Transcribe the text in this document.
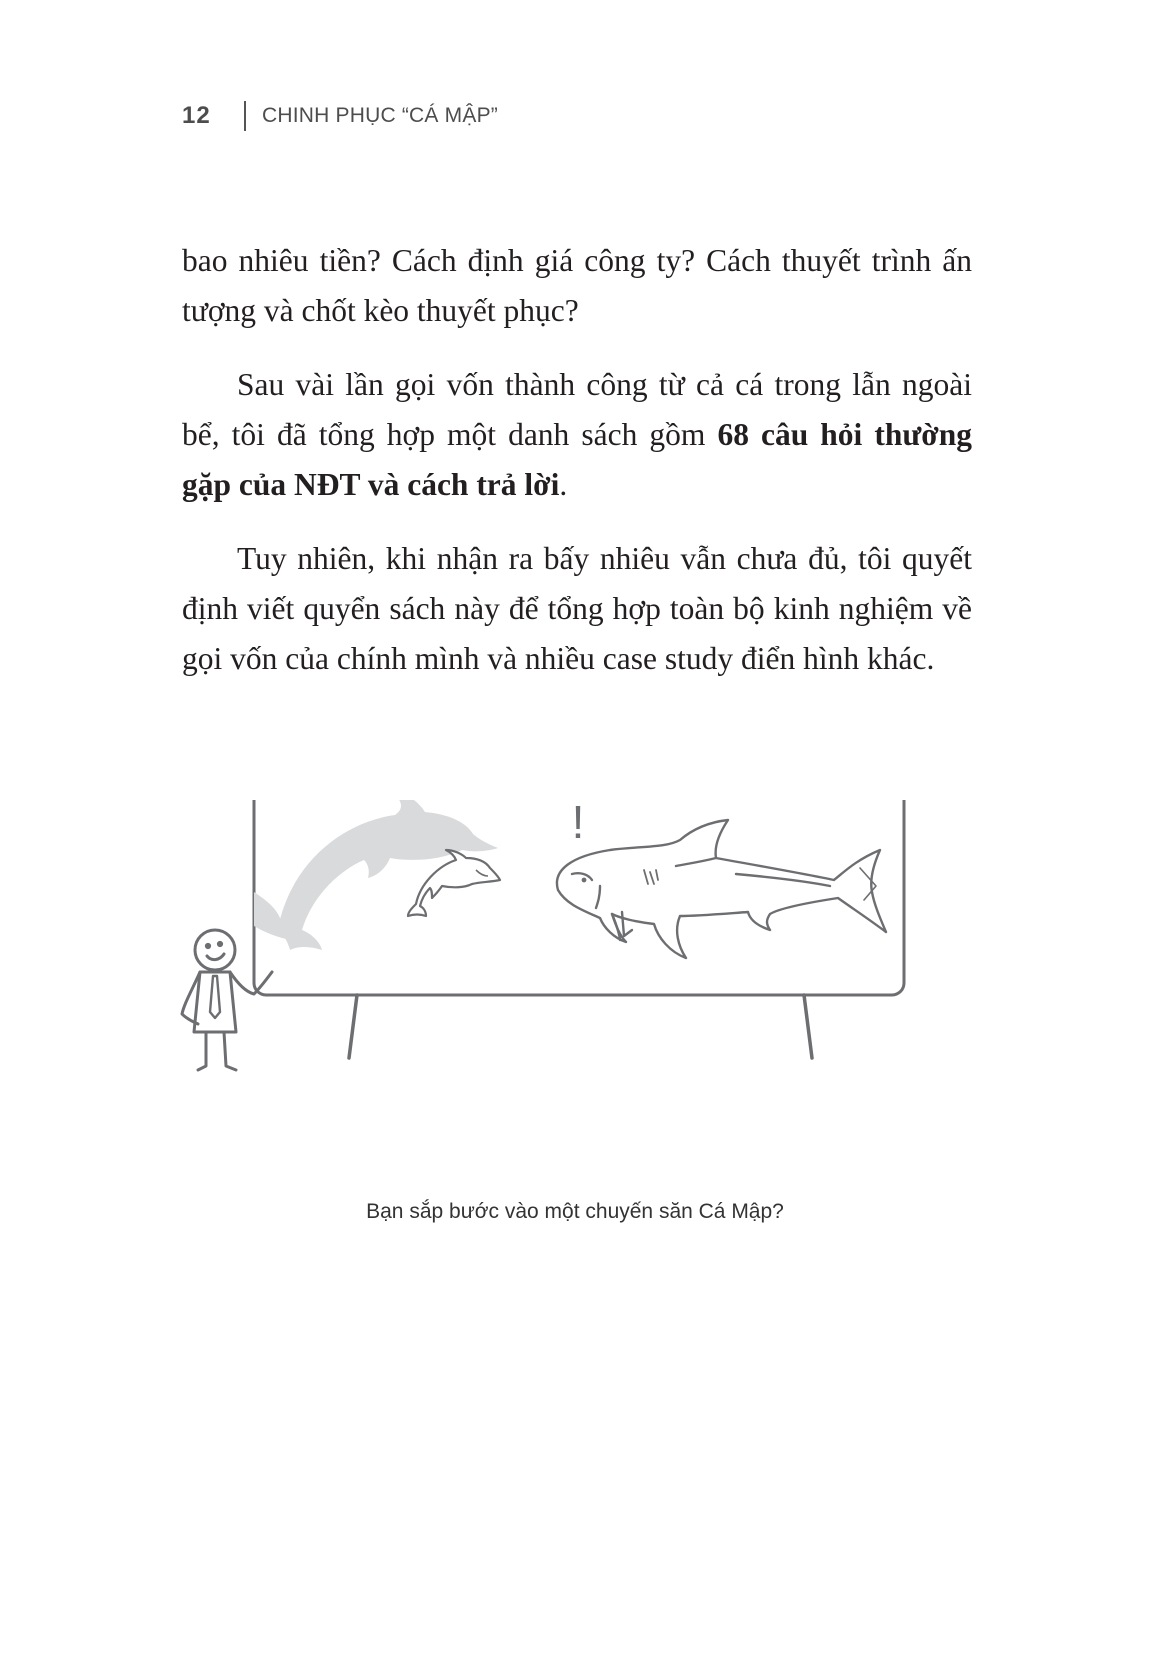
12	CHINH PHỤC “CÁ MẬP”

bao nhiêu tiền? Cách định giá công ty? Cách thuyết trình ấn tượng và chốt kèo thuyết phục?

Sau vài lần gọi vốn thành công từ cả cá trong lẫn ngoài bể, tôi đã tổng hợp một danh sách gồm 68 câu hỏi thường gặp của NĐT và cách trả lời.

Tuy nhiên, khi nhận ra bấy nhiêu vẫn chưa đủ, tôi quyết định viết quyển sách này để tổng hợp toàn bộ kinh nghiệm về gọi vốn của chính mình và nhiều case study điển hình khác.

!
Bạn sắp bước vào một chuyến săn Cá Mập?
